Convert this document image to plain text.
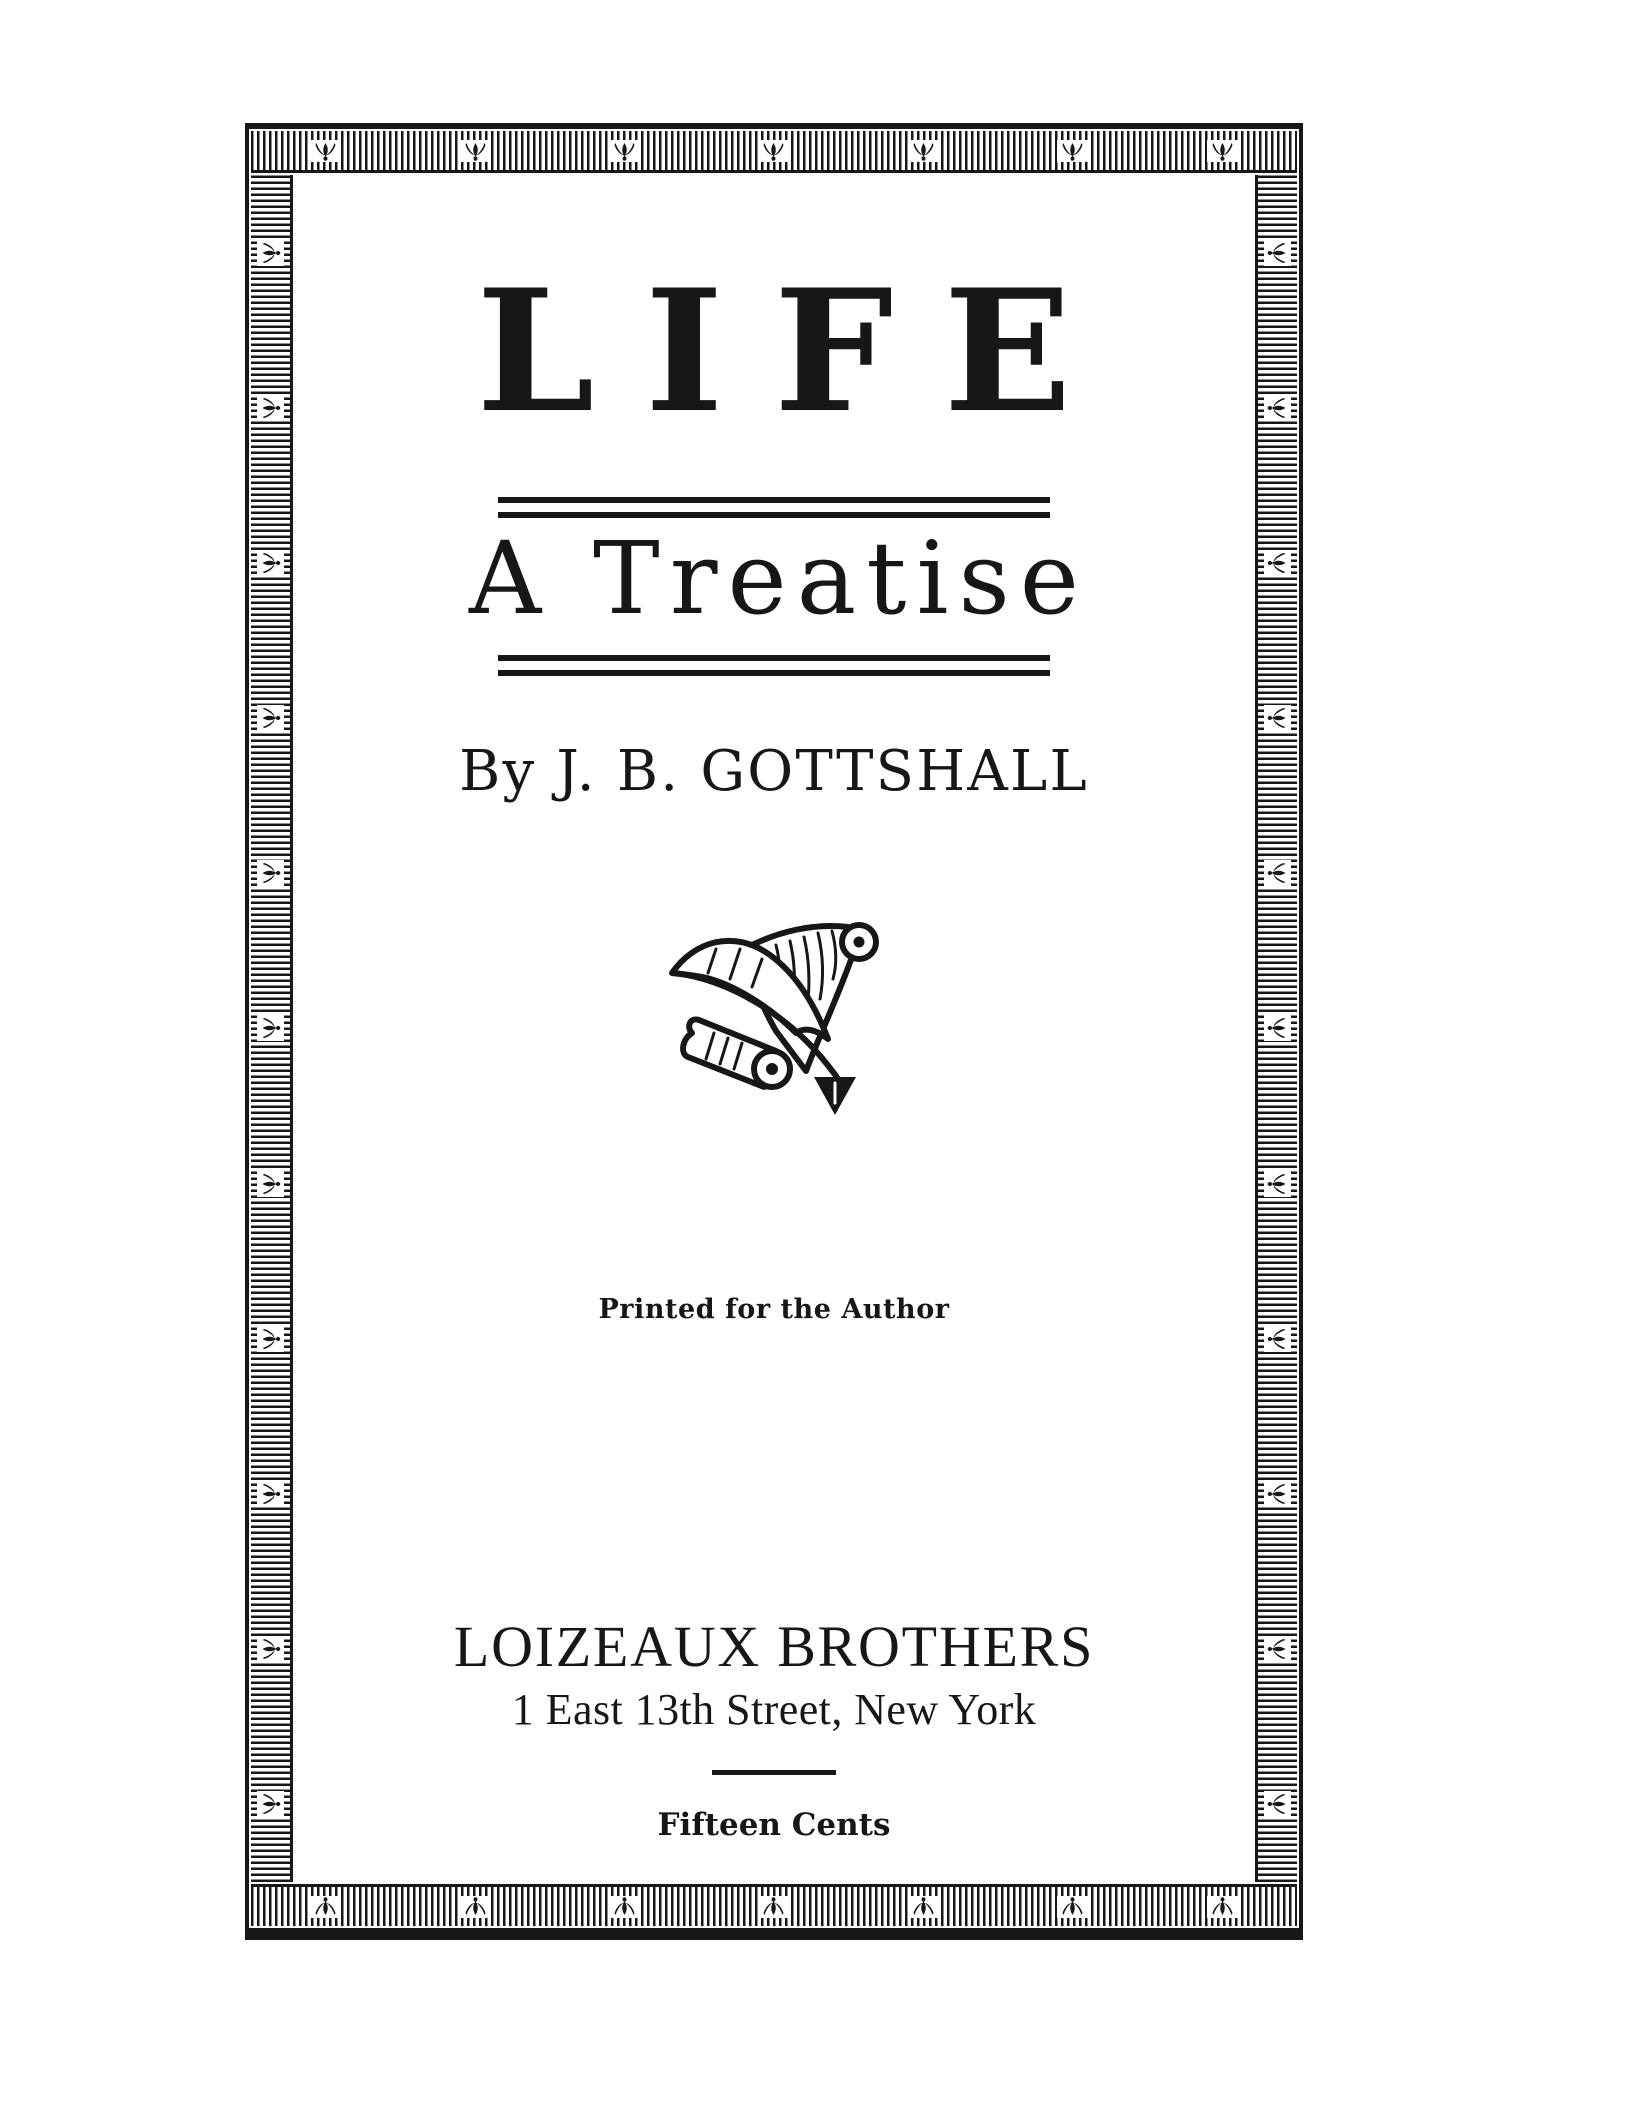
LIFE
A Treatise
By J. B. GOTTSHALL
Printed for the Author
LOIZEAUX BROTHERS
1 East 13th Street, New York
Fifteen Cents
